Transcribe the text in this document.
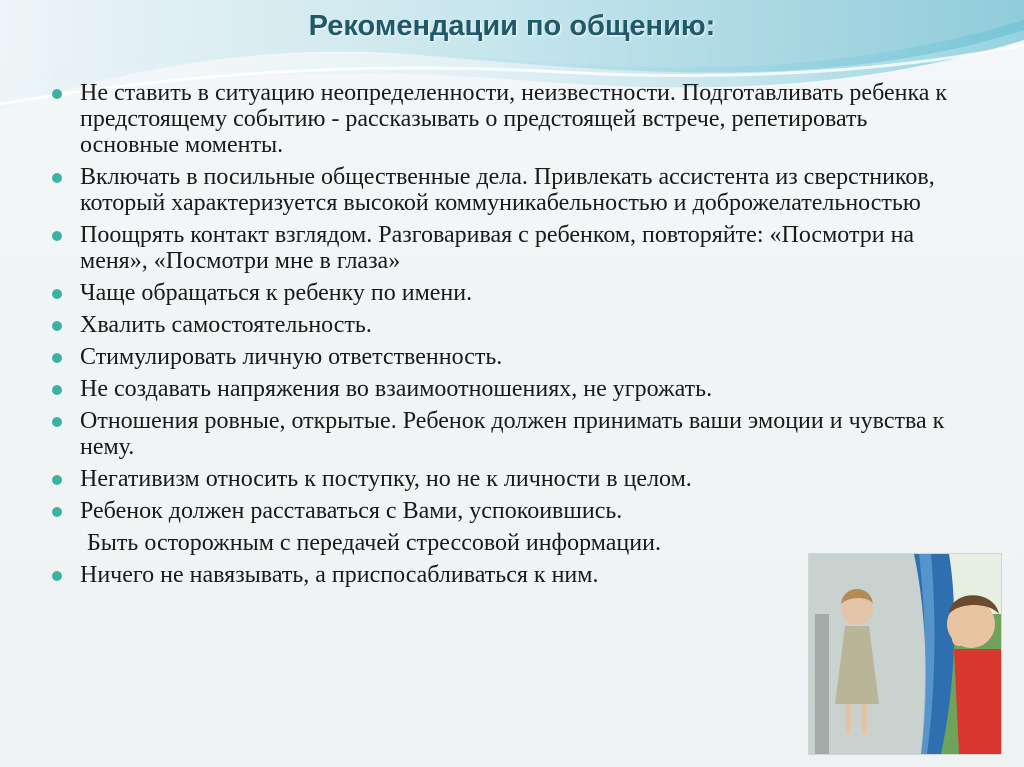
Рекомендации по общению:
Не ставить в ситуацию неопределенности, неизвестности. Подготавливать ребенка к предстоящему событию - рассказывать о предстоящей встрече, репетировать основные моменты.
Включать в посильные общественные дела. Привлекать ассистента из сверстников, который характеризуется высокой коммуникабельностью и доброжелательностью
Поощрять контакт взглядом. Разговаривая с ребенком, повторяйте: «Посмотри на меня», «Посмотри мне в глаза»
Чаще обращаться к ребенку по имени.
Хвалить самостоятельность.
Стимулировать личную ответственность.
Не создавать напряжения во взаимоотношениях, не угрожать.
Отношения ровные, открытые. Ребенок должен принимать ваши эмоции и чувства к нему.
Негативизм относить к поступку, но не к личности в целом.
Ребенок должен расставаться с Вами, успокоившись.
Быть осторожным с передачей стрессовой информации.
Ничего не навязывать, а приспосабливаться к ним.
